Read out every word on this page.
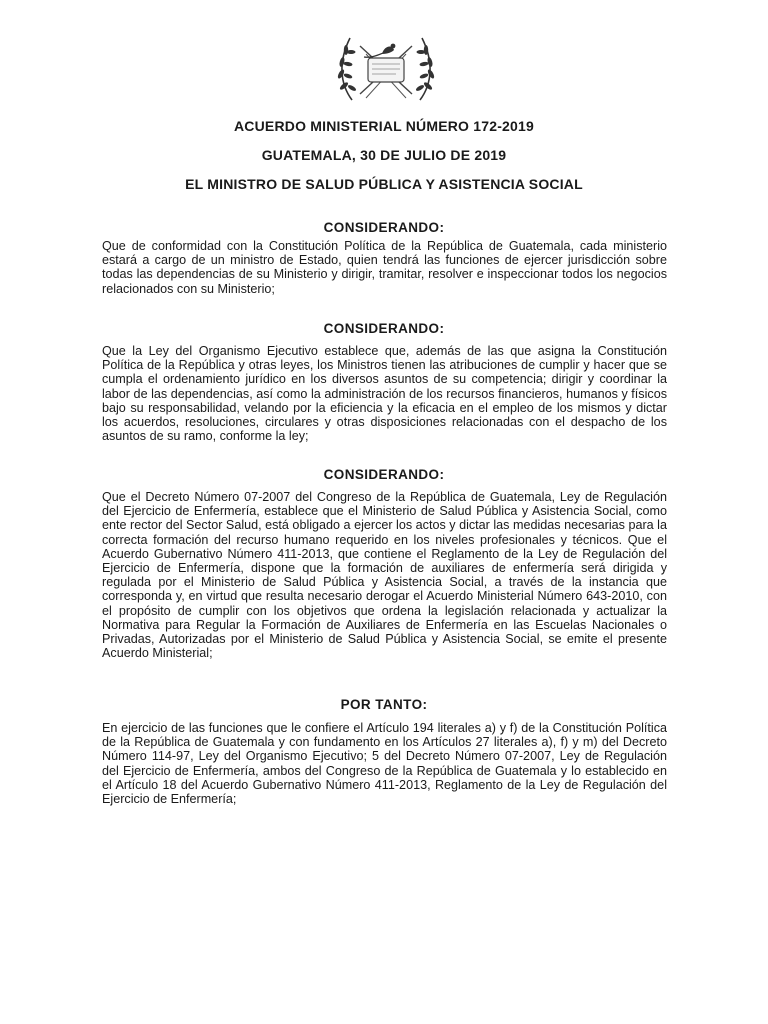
ACUERDO MINISTERIAL NÚMERO 172-2019
GUATEMALA, 30 DE JULIO DE 2019
EL MINISTRO DE SALUD PÚBLICA Y ASISTENCIA SOCIAL
CONSIDERANDO:
Que de conformidad con la Constitución Política de la República de Guatemala, cada ministerio estará a cargo de un ministro de Estado, quien tendrá las funciones de ejercer jurisdicción sobre todas las dependencias de su Ministerio y dirigir, tramitar, resolver e inspeccionar todos los negocios relacionados con su Ministerio;
CONSIDERANDO:
Que la Ley del Organismo Ejecutivo establece que, además de las que asigna la Constitución Política de la República y otras leyes, los Ministros tienen las atribuciones de cumplir y hacer que se cumpla el ordenamiento jurídico en los diversos asuntos de su competencia; dirigir y coordinar la labor de las dependencias, así como la administración de los recursos financieros, humanos y físicos bajo su responsabilidad, velando por la eficiencia y la eficacia en el empleo de los mismos y dictar los acuerdos, resoluciones, circulares y otras disposiciones relacionadas con el despacho de los asuntos de su ramo, conforme la ley;
CONSIDERANDO:
Que el Decreto Número 07-2007 del Congreso de la República de Guatemala, Ley de Regulación del Ejercicio de Enfermería, establece que el Ministerio de Salud Pública y Asistencia Social, como ente rector del Sector Salud, está obligado a ejercer los actos y dictar las medidas necesarias para la correcta formación del recurso humano requerido en los niveles profesionales y técnicos. Que el Acuerdo Gubernativo Número 411-2013, que contiene el Reglamento de la Ley de Regulación del Ejercicio de Enfermería, dispone que la formación de auxiliares de enfermería será dirigida y regulada por el Ministerio de Salud Pública y Asistencia Social, a través de la instancia que corresponda y, en virtud que resulta necesario derogar el Acuerdo Ministerial Número 643-2010, con el propósito de cumplir con los objetivos que ordena la legislación relacionada y actualizar la Normativa para Regular la Formación de Auxiliares de Enfermería en las Escuelas Nacionales o Privadas, Autorizadas por el Ministerio de Salud Pública y Asistencia Social, se emite el presente Acuerdo Ministerial;
POR TANTO:
En ejercicio de las funciones que le confiere el Artículo 194 literales a) y f) de la Constitución Política de la República de Guatemala y con fundamento en los Artículos 27 literales a), f) y m) del Decreto Número 114-97, Ley del Organismo Ejecutivo; 5 del Decreto Número 07-2007, Ley de Regulación del Ejercicio de Enfermería, ambos del Congreso de la República de Guatemala y lo establecido en el Artículo 18 del Acuerdo Gubernativo Número 411-2013, Reglamento de la Ley de Regulación del Ejercicio de Enfermería;
